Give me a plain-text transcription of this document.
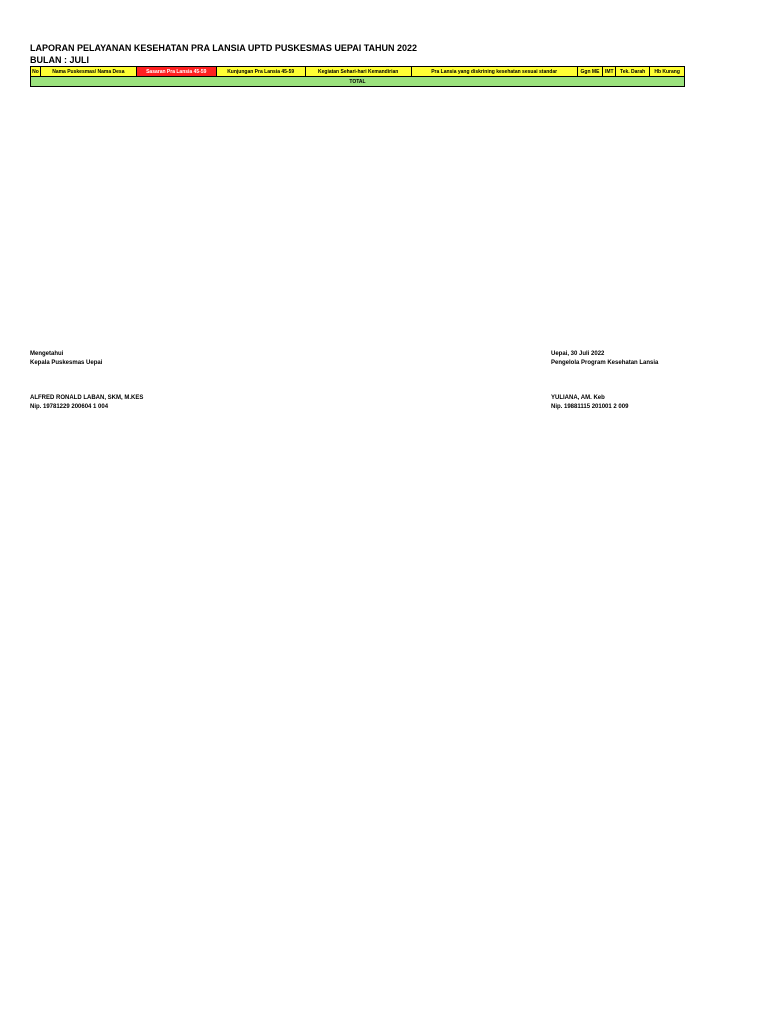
LAPORAN PELAYANAN KESEHATAN PRA LANSIA UPTD PUSKESMAS UEPAI TAHUN 2022
BULAN : JULI
No	Nama Puskesmas/ Nama Desa	Sasaran Pra Lansia 45-59	Kunjungan Pra Lansia 45-59	Kegiatan Sehari-hari Kemandirian	Pra Lansia yang diskrining kesehatan sesuai standar	Ggn ME	IMT	Tek. Darah	Hb Kurang
TOTAL
Mengetahui
Kepala Puskesmas Uepai
ALFRED RONALD LABAN, SKM, M.KES
Nip. 19781229 200604 1 004
Uepai, 30 Juli 2022
Pengelola Program Kesehatan Lansia
YULIANA, AM. Keb
Nip. 19881115 201001 2 009
